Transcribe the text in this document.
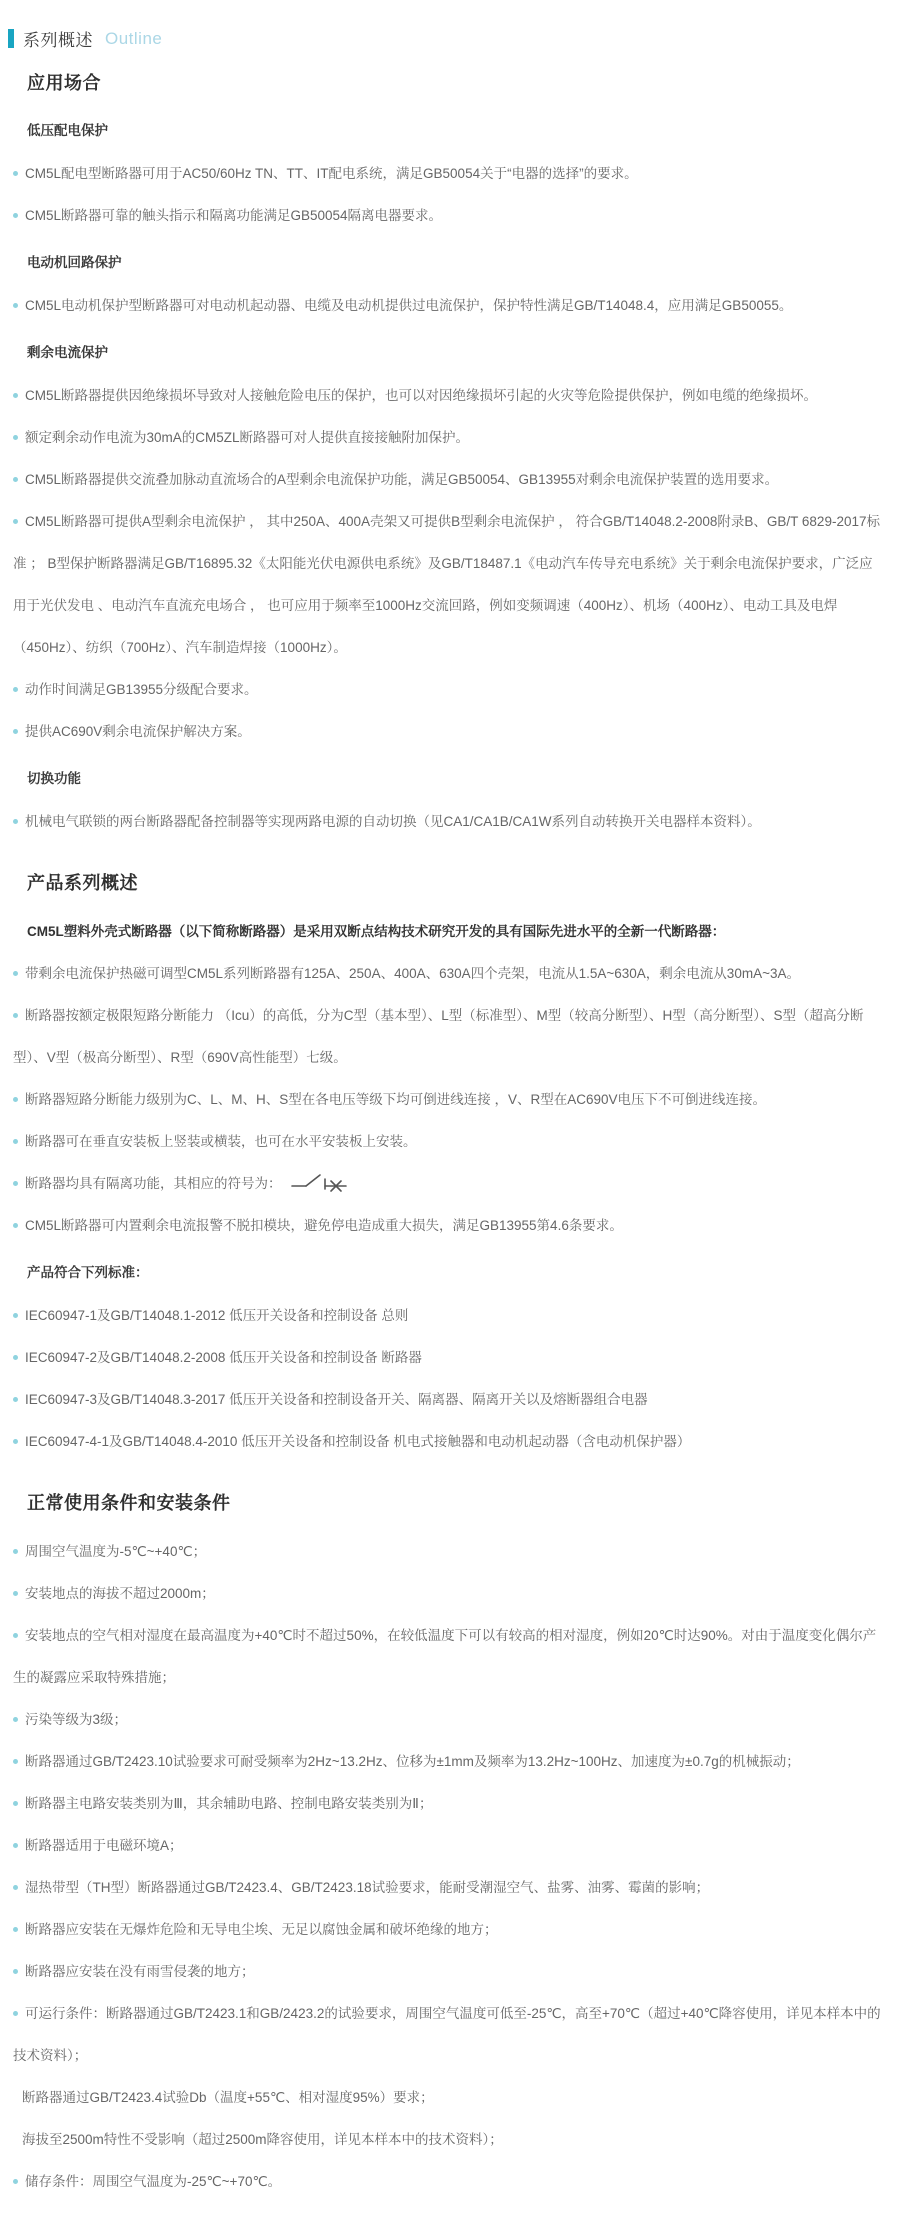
系列概述 Outline
应用场合

低压配电保护

CM5L配电型断路器可用于AC50/60Hz TN、TT、IT配电系统，满足GB50054关于“电器的选择”的要求。

CM5L断路器可靠的触头指示和隔离功能满足GB50054隔离电器要求。

电动机回路保护

CM5L电动机保护型断路器可对电动机起动器、电缆及电动机提供过电流保护，保护特性满足GB/T14048.4，应用满足GB50055。

剩余电流保护

CM5L断路器提供因绝缘损坏导致对人接触危险电压的保护，也可以对因绝缘损坏引起的火灾等危险提供保护，例如电缆的绝缘损坏。

额定剩余动作电流为30mA的CM5ZL断路器可对人提供直接接触附加保护。

CM5L断路器提供交流叠加脉动直流场合的A型剩余电流保护功能，满足GB50054、GB13955对剩余电流保护装置的选用要求。

CM5L断路器可提供A型剩余电流保护 ， 其中250A、400A壳架又可提供B型剩余电流保护 ， 符合GB/T14048.2-2008附录B、GB/T 6829-2017标准 ； B型保护断路器满足GB/T16895.32《太阳能光伏电源供电系统》及GB/T18487.1《电动汽车传导充电系统》关于剩余电流保护要求，广泛应用于光伏发电 、电动汽车直流充电场合 ， 也可应用于频率至1000Hz交流回路，例如变频调速（400Hz）、机场（400Hz）、电动工具及电焊（450Hz）、纺织（700Hz）、汽车制造焊接（1000Hz）。

动作时间满足GB13955分级配合要求。

提供AC690V剩余电流保护解决方案。

切换功能

机械电气联锁的两台断路器配备控制器等实现两路电源的自动切换（见CA1/CA1B/CA1W系列自动转换开关电器样本资料）。

产品系列概述

CM5L塑料外壳式断路器（以下简称断路器）是采用双断点结构技术研究开发的具有国际先进水平的全新一代断路器：

带剩余电流保护热磁可调型CM5L系列断路器有125A、250A、400A、630A四个壳架，电流从1.5A~630A，剩余电流从30mA~3A。

断路器按额定极限短路分断能力 （Icu）的高低，分为C型（基本型）、L型（标准型）、M型（较高分断型）、H型（高分断型）、S型（超高分断型）、V型（极高分断型）、R型（690V高性能型）七级。

断路器短路分断能力级别为C、L、M、H、S型在各电压等级下均可倒进线连接 ，V、R型在AC690V电压下不可倒进线连接。

断路器可在垂直安装板上竖装或横装，也可在水平安装板上安装。

断路器均具有隔离功能，其相应的符号为：

CM5L断路器可内置剩余电流报警不脱扣模块，避免停电造成重大损失，满足GB13955第4.6条要求。

产品符合下列标准：

IEC60947-1及GB/T14048.1-2012 低压开关设备和控制设备 总则

IEC60947-2及GB/T14048.2-2008 低压开关设备和控制设备 断路器

IEC60947-3及GB/T14048.3-2017 低压开关设备和控制设备开关、隔离器、隔离开关以及熔断器组合电器

IEC60947-4-1及GB/T14048.4-2010 低压开关设备和控制设备 机电式接触器和电动机起动器（含电动机保护器）

正常使用条件和安装条件

周围空气温度为-5℃~+40℃；

安装地点的海拔不超过2000m；

安装地点的空气相对湿度在最高温度为+40℃时不超过50%，在较低温度下可以有较高的相对湿度，例如20℃时达90%。对由于温度变化偶尔产生的凝露应采取特殊措施；

污染等级为3级；

断路器通过GB/T2423.10试验要求可耐受频率为2Hz~13.2Hz、位移为±1mm及频率为13.2Hz~100Hz、加速度为±0.7g的机械振动；

断路器主电路安装类别为Ⅲ，其余辅助电路、控制电路安装类别为Ⅱ；

断路器适用于电磁环境A；

湿热带型（TH型）断路器通过GB/T2423.4、GB/T2423.18试验要求，能耐受潮湿空气、盐雾、油雾、霉菌的影响；

断路器应安装在无爆炸危险和无导电尘埃、无足以腐蚀金属和破坏绝缘的地方；

断路器应安装在没有雨雪侵袭的地方；

可运行条件：断路器通过GB/T2423.1和GB/2423.2的试验要求，周围空气温度可低至-25℃，高至+70℃（超过+40℃降容使用，详见本样本中的技术资料）；

断路器通过GB/T2423.4试验Db（温度+55℃、相对湿度95%）要求；

海拔至2500m特性不受影响（超过2500m降容使用，详见本样本中的技术资料）；

储存条件：周围空气温度为-25℃~+70℃。
